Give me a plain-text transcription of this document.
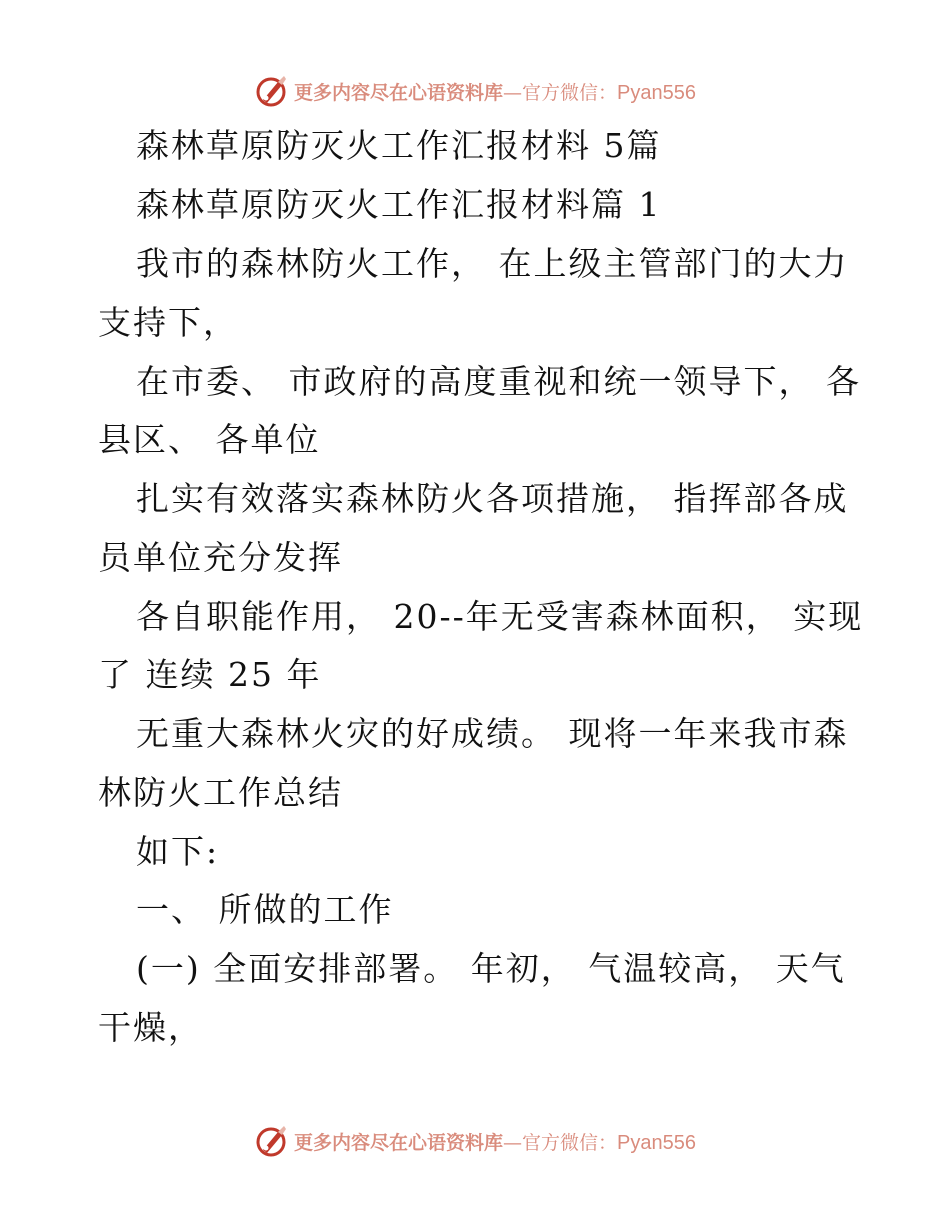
更多内容尽在心语资料库—官方微信：Pyan556
森林草原防灭火工作汇报材料 5篇
森林草原防灭火工作汇报材料篇 1
我市的森林防火工作， 在上级主管部门的大力
支持下，
在市委、 市政府的高度重视和统一领导下， 各
县区、 各单位
扎实有效落实森林防火各项措施， 指挥部各成
员单位充分发挥
各自职能作用， 20--年无受害森林面积， 实现
了 连续 25 年
无重大森林火灾的好成绩。 现将一年来我市森
林防火工作总结
如下:
一、 所做的工作
(一) 全面安排部署。 年初， 气温较高， 天气
干燥，
更多内容尽在心语资料库—官方微信：Pyan556
